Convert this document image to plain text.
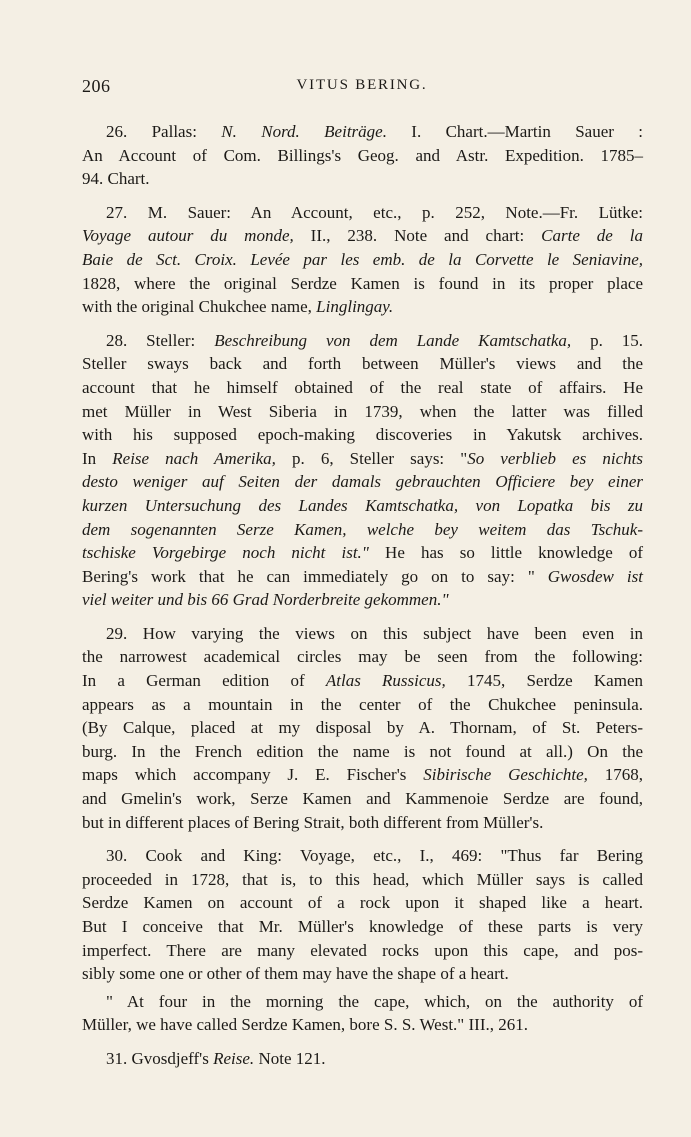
206	VITUS BERING.
26. Pallas: N. Nord. Beiträge. I. Chart.—Martin Sauer :
An Account of Com. Billings's Geog. and Astr. Expedition. 1785–
94. Chart.
27. M. Sauer: An Account, etc., p. 252, Note.—Fr. Lütke:
Voyage autour du monde, II., 238. Note and chart: Carte de la
Baie de Sct. Croix. Levée par les emb. de la Corvette le Seniavine,
1828, where the original Serdze Kamen is found in its proper place
with the original Chukchee name, Linglingay.
28. Steller: Beschreibung von dem Lande Kamtschatka, p. 15.
Steller sways back and forth between Müller's views and the
account that he himself obtained of the real state of affairs. He
met Müller in West Siberia in 1739, when the latter was filled
with his supposed epoch-making discoveries in Yakutsk archives.
In Reise nach Amerika, p. 6, Steller says: "So verblieb es nichts
desto weniger auf Seiten der damals gebrauchten Officiere bey einer
kurzen Untersuchung des Landes Kamtschatka, von Lopatka bis zu
dem sogenannten Serze Kamen, welche bey weitem das Tschuk-
tschiske Vorgebirge noch nicht ist." He has so little knowledge of
Bering's work that he can immediately go on to say: " Gwosdew ist
viel weiter und bis 66 Grad Norderbreite gekommen."
29. How varying the views on this subject have been even in
the narrowest academical circles may be seen from the following:
In a German edition of Atlas Russicus, 1745, Serdze Kamen
appears as a mountain in the center of the Chukchee peninsula.
(By Calque, placed at my disposal by A. Thornam, of St. Peters-
burg. In the French edition the name is not found at all.) On the
maps which accompany J. E. Fischer's Sibirische Geschichte, 1768,
and Gmelin's work, Serze Kamen and Kammenoie Serdze are found,
but in different places of Bering Strait, both different from Müller's.
30. Cook and King: Voyage, etc., I., 469: "Thus far Bering
proceeded in 1728, that is, to this head, which Müller says is called
Serdze Kamen on account of a rock upon it shaped like a heart.
But I conceive that Mr. Müller's knowledge of these parts is very
imperfect. There are many elevated rocks upon this cape, and pos-
sibly some one or other of them may have the shape of a heart.
" At four in the morning the cape, which, on the authority of
Müller, we have called Serdze Kamen, bore S. S. West." III., 261.
31. Gvosdjeff's Reise. Note 121.
